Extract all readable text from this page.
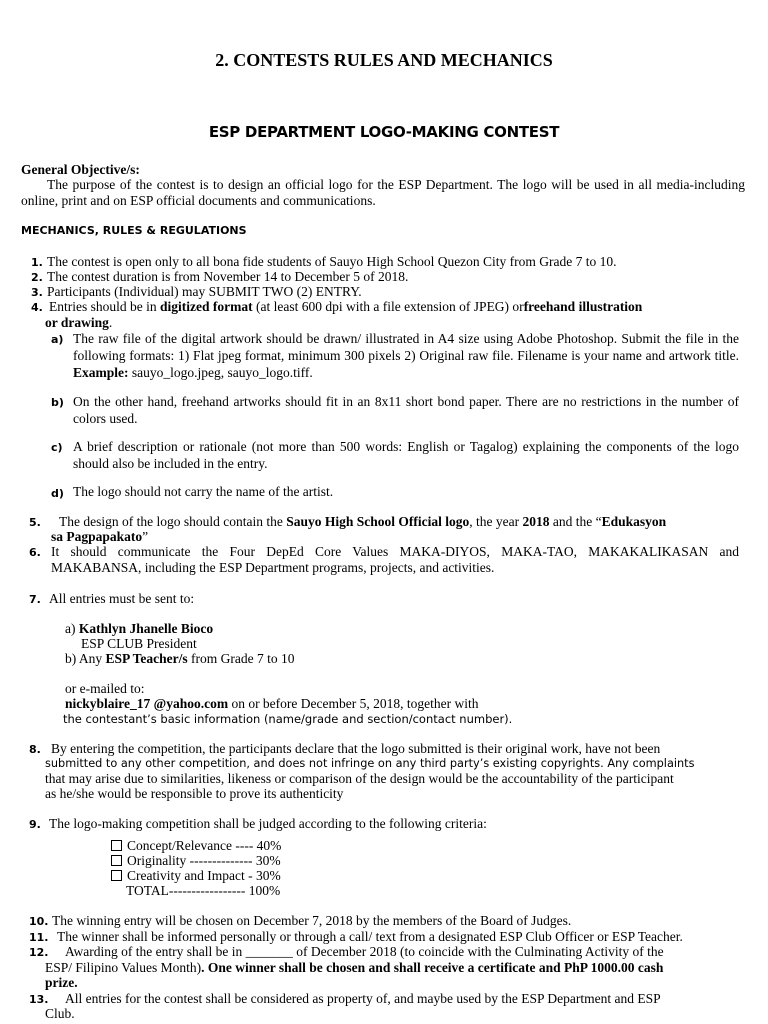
2. CONTESTS RULES AND MECHANICS
ESP DEPARTMENT LOGO-MAKING CONTEST
General Objective/s:
The purpose of the contest is to design an official logo for the ESP Department. The logo will be used in all media-including online, print and on ESP official documents and communications.
MECHANICS, RULES & REGULATIONS
1. The contest is open only to all bona fide students of Sauyo High School Quezon City from Grade 7 to 10.
2. The contest duration is from November 14 to December 5 of 2018.
3. Participants (Individual) may SUBMIT TWO (2) ENTRY.
4. Entries should be in digitized format (at least 600 dpi with a file extension of JPEG) orfreehand illustration
or drawing.
a) The raw file of the digital artwork should be drawn/ illustrated in A4 size using Adobe Photoshop. Submit the file in the following formats: 1) Flat jpeg format, minimum 300 pixels 2) Original raw file. Filename is your name and artwork title. Example: sauyo_logo.jpeg, sauyo_logo.tiff.
b) On the other hand, freehand artworks should fit in an 8x11 short bond paper. There are no restrictions in the number of colors used.
c) A brief description or rationale (not more than 500 words: English or Tagalog) explaining the components of the logo should also be included in the entry.
d) The logo should not carry the name of the artist.
5. The design of the logo should contain the Sauyo High School Official logo, the year 2018 and the “Edukasyon
sa Pagpapakato”
6. It should communicate the Four DepEd Core Values MAKA-DIYOS, MAKA-TAO, MAKAKALIKASAN and MAKABANSA, including the ESP Department programs, projects, and activities.
7. All entries must be sent to:
a) Kathlyn Jhanelle Bioco
ESP CLUB President
b) Any ESP Teacher/s from Grade 7 to 10
or e-mailed to:
nickyblaire_17 @yahoo.com on or before December 5, 2018, together with
the contestant’s basic information (name/grade and section/contact number).
8. By entering the competition, the participants declare that the logo submitted is their original work, have not been
submitted to any other competition, and does not infringe on any third party’s existing copyrights. Any complaints
that may arise due to similarities, likeness or comparison of the design would be the accountability of the participant
as he/she would be responsible to prove its authenticity
9. The logo-making competition shall be judged according to the following criteria:
Concept/Relevance ---- 40%
Originality -------------- 30%
Creativity and Impact - 30%
TOTAL----------------- 100%
10. The winning entry will be chosen on December 7, 2018 by the members of the Board of Judges.
11. The winner shall be informed personally or through a call/ text from a designated ESP Club Officer or ESP Teacher.
12. Awarding of the entry shall be in _______ of December 2018 (to coincide with the Culminating Activity of the
ESP/ Filipino Values Month). One winner shall be chosen and shall receive a certificate and PhP 1000.00 cash
prize.
13. All entries for the contest shall be considered as property of, and maybe used by the ESP Department and ESP
Club.
